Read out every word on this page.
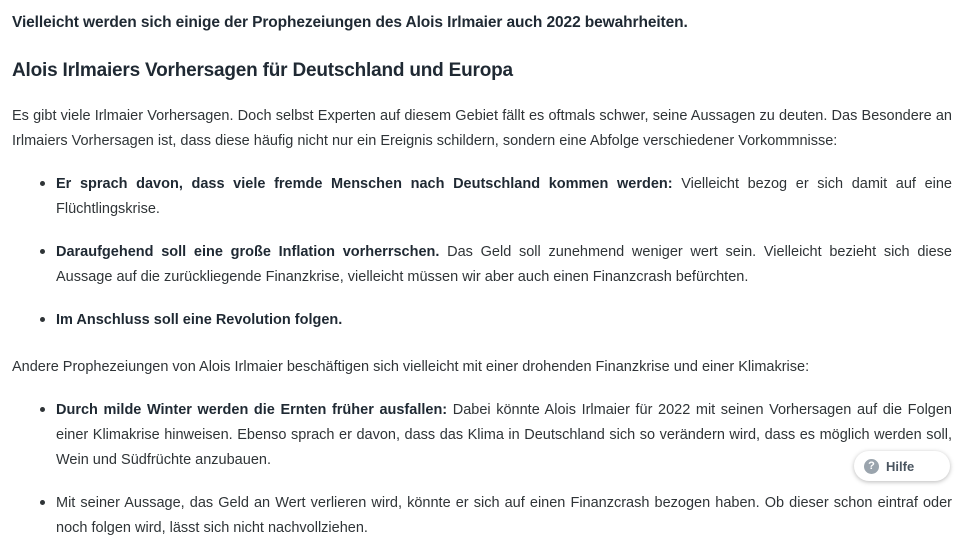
Vielleicht werden sich einige der Prophezeiungen des Alois Irlmaier auch 2022 bewahrheiten.

Alois Irlmaiers Vorhersagen für Deutschland und Europa

Es gibt viele Irlmaier Vorhersagen. Doch selbst Experten auf diesem Gebiet fällt es oftmals schwer, seine Aussagen zu deuten. Das Besondere an Irlmaiers Vorhersagen ist, dass diese häufig nicht nur ein Ereignis schildern, sondern eine Abfolge verschiedener Vorkommnisse:

Er sprach davon, dass viele fremde Menschen nach Deutschland kommen werden: Vielleicht bezog er sich damit auf eine Flüchtlingskrise.
Daraufgehend soll eine große Inflation vorherrschen. Das Geld soll zunehmend weniger wert sein. Vielleicht bezieht sich diese Aussage auf die zurückliegende Finanzkrise, vielleicht müssen wir aber auch einen Finanzcrash befürchten.
Im Anschluss soll eine Revolution folgen.

Andere Prophezeiungen von Alois Irlmaier beschäftigen sich vielleicht mit einer drohenden Finanzkrise und einer Klimakrise:

Durch milde Winter werden die Ernten früher ausfallen: Dabei könnte Alois Irlmaier für 2022 mit seinen Vorhersagen auf die Folgen einer Klimakrise hinweisen. Ebenso sprach er davon, dass das Klima in Deutschland sich so verändern wird, dass es möglich werden soll, Wein und Südfrüchte anzubauen.
Mit seiner Aussage, das Geld an Wert verlieren wird, könnte er sich auf einen Finanzcrash bezogen haben. Ob dieser schon eintraf oder noch folgen wird, lässt sich nicht nachvollziehen.
? Hilfe
